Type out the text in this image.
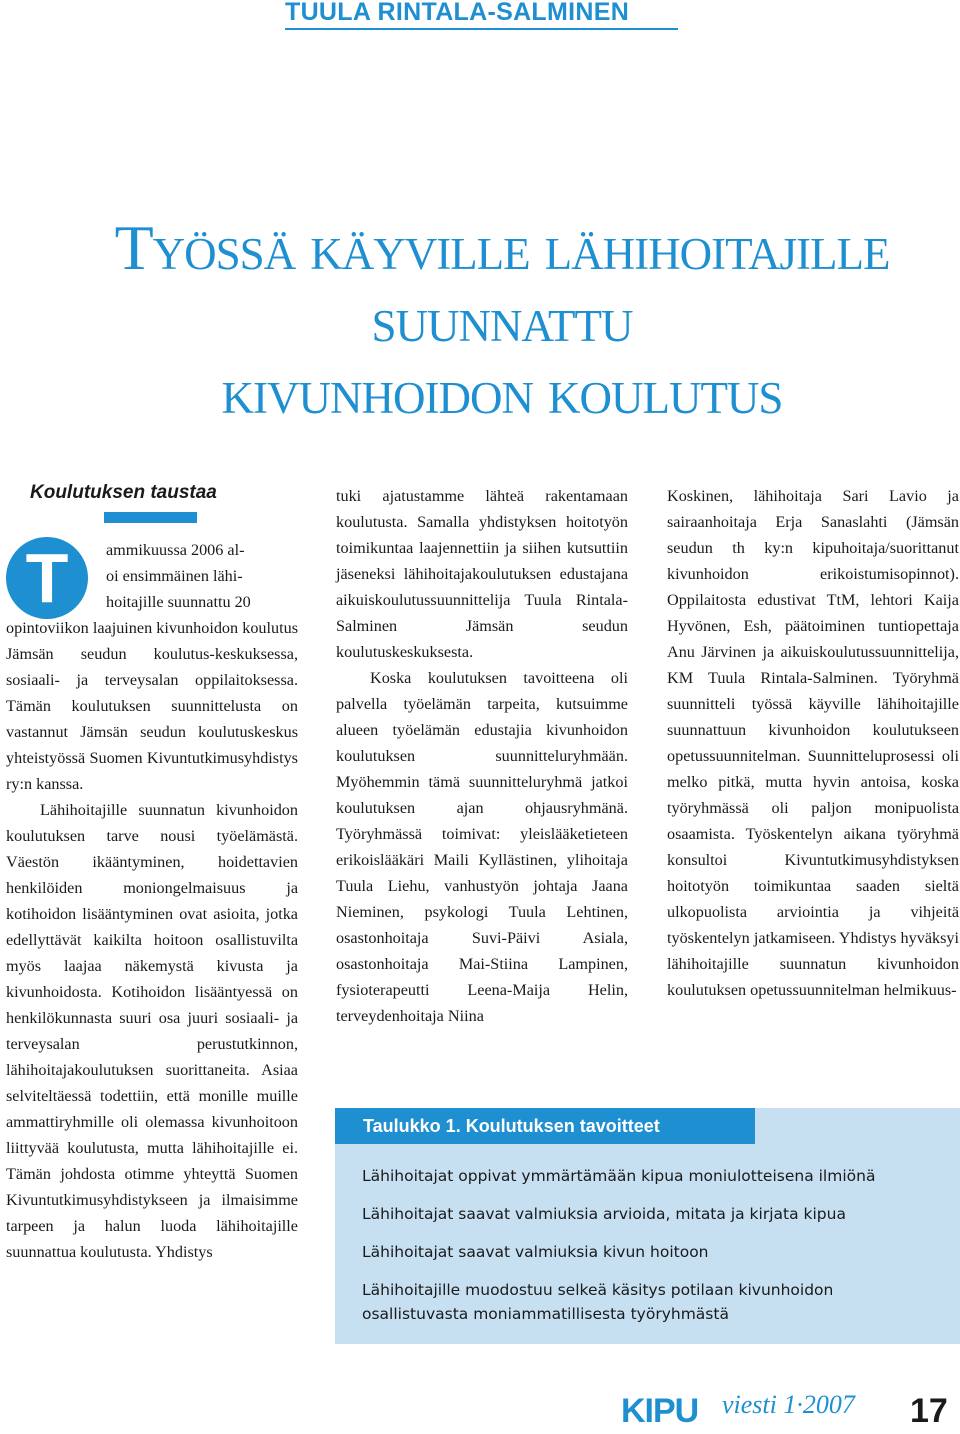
TUULA RINTALA-SALMINEN
Työssä käyville lähihoitajille
suunnattu
kivunhoidon koulutus
Koulutuksen taustaa
T	ammikuussa 2006 al-
oi ensimmäinen lähi-
hoitajille suunnattu 20

opintoviikon laajuinen kivunhoidon koulutus Jämsän seudun koulutus-keskuksessa, sosiaali- ja terveysalan oppilaitoksessa. Tämän koulutuksen suunnittelusta on vastannut Jämsän seudun koulutuskeskus yhteistyössä Suomen Kivuntutkimusyhdistys ry:n kanssa.

Lähihoitajille suunnatun kivunhoidon koulutuksen tarve nousi työelämästä. Väestön ikääntyminen, hoidettavien henkilöiden moniongelmaisuus ja kotihoidon lisääntyminen ovat asioita, jotka edellyttävät kaikilta hoitoon osallistuvilta myös laajaa näkemystä kivusta ja kivunhoidosta. Kotihoidon lisääntyessä on henkilökunnasta suuri osa juuri sosiaali- ja terveysalan perustutkinnon, lähihoitajakoulutuksen suorittaneita. Asiaa selviteltäessä todettiin, että monille muille ammattiryhmille oli olemassa kivunhoitoon liittyvää koulutusta, mutta lähihoitajille ei. Tämän johdosta otimme yhteyttä Suomen Kivuntutkimusyhdistykseen ja ilmaisimme tarpeen ja halun luoda lähihoitajille suunnattua koulutusta. Yhdistys

tuki ajatustamme lähteä rakentamaan koulutusta. Samalla yhdistyksen hoitotyön toimikuntaa laajennettiin ja siihen kutsuttiin jäseneksi lähihoitajakoulutuksen edustajana aikuiskoulutussuunnittelija Tuula Rintala-Salminen Jämsän seudun koulutuskeskuksesta.

Koska koulutuksen tavoitteena oli palvella työelämän tarpeita, kutsuimme alueen työelämän edustajia kivunhoidon koulutuksen suunnitteluryhmään. Myöhemmin tämä suunnitteluryhmä jatkoi koulutuksen ajan ohjausryhmänä. Työryhmässä toimivat: yleislääketieteen erikoislääkäri Maili Kyllästinen, ylihoitaja Tuula Liehu, vanhustyön johtaja Jaana Nieminen, psykologi Tuula Lehtinen, osastonhoitaja Suvi-Päivi Asiala, osastonhoitaja Mai-Stiina Lampinen, fysioterapeutti Leena-Maija Helin, terveydenhoitaja Niina

Koskinen, lähihoitaja Sari Lavio ja sairaanhoitaja Erja Sanaslahti (Jämsän seudun th ky:n kipuhoitaja/suorittanut kivunhoidon erikoistumisopinnot). Oppilaitosta edustivat TtM, lehtori Kaija Hyvönen, Esh, päätoiminen tuntiopettaja Anu Järvinen ja aikuiskoulutussuunnittelija, KM Tuula Rintala-Salminen. Työryhmä suunnitteli työssä käyville lähihoitajille suunnattuun kivunhoidon koulutukseen opetussuunnitelman. Suunnitteluprosessi oli melko pitkä, mutta hyvin antoisa, koska työryhmässä oli paljon monipuolista osaamista. Työskentelyn aikana työryhmä konsultoi Kivuntutkimusyhdistyksen hoitotyön toimikuntaa saaden sieltä ulkopuolista arviointia ja vihjeitä työskentelyn jatkamiseen. Yhdistys hyväksyi lähihoitajille suunnatun kivunhoidon koulutuksen opetussuunnitelman helmikuus-

Taulukko 1. Koulutuksen tavoitteet
Lähihoitajat oppivat ymmärtämään kipua moniulotteisena ilmiönä
Lähihoitajat saavat valmiuksia arvioida, mitata ja kirjata kipua
Lähihoitajat saavat valmiuksia kivun hoitoon
Lähihoitajille muodostuu selkeä käsitys potilaan kivunhoidon osallistuvasta moniammatillisesta työryhmästä
KIPU viesti 1·2007 17
